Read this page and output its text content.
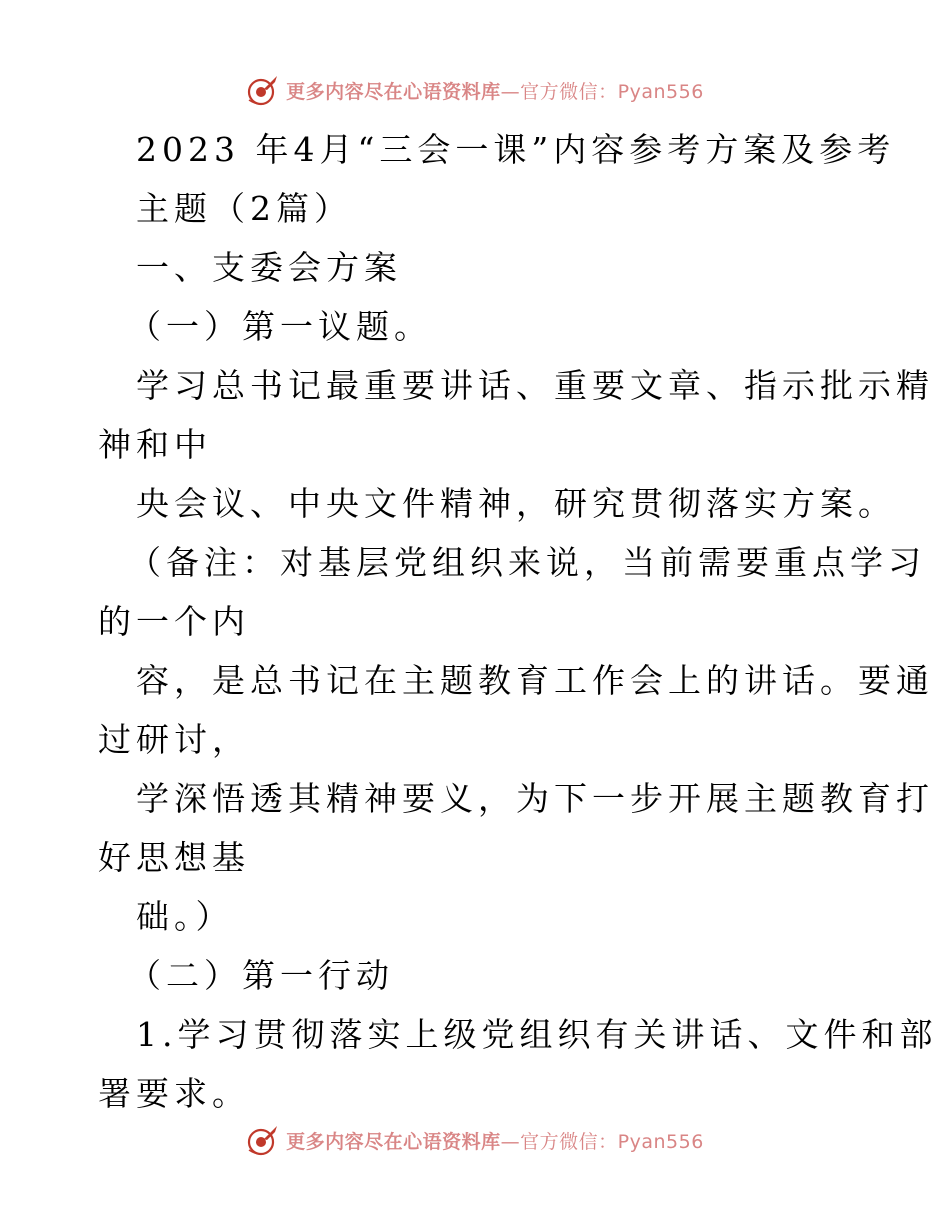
更多内容尽在心语资料库—官方微信：Pyan556
2023 年4月“三会一课”内容参考方案及参考
主题（2篇）
一、支委会方案
（一）第一议题。
学习总书记最重要讲话、重要文章、指示批示精
神和中
央会议、中央文件精神，研究贯彻落实方案。
（备注：对基层党组织来说，当前需要重点学习
的一个内
容，是总书记在主题教育工作会上的讲话。要通
过研讨，
学深悟透其精神要义，为下一步开展主题教育打
好思想基
础。）
（二）第一行动
1.学习贯彻落实上级党组织有关讲话、文件和部
署要求。
更多内容尽在心语资料库—官方微信：Pyan556
